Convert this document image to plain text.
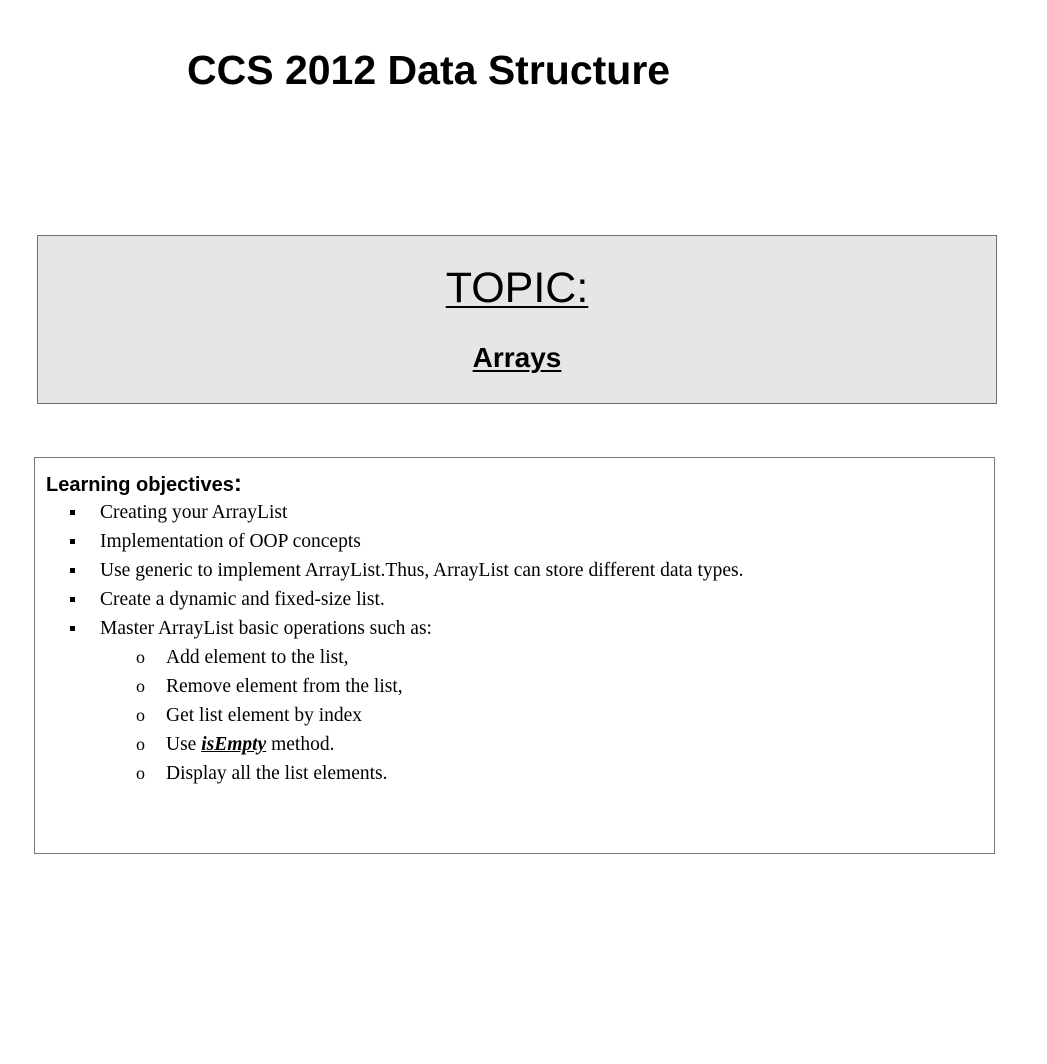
CCS 2012 Data Structure
TOPIC:
Arrays
Learning objectives:
Creating your ArrayList
Implementation of OOP concepts
Use generic to implement ArrayList.Thus, ArrayList can store different data types.
Create a dynamic and fixed-size list.
Master ArrayList basic operations such as:
o Add element to the list,
o Remove element from the list,
o Get list element by index
o Use isEmpty method.
o Display all the list elements.
